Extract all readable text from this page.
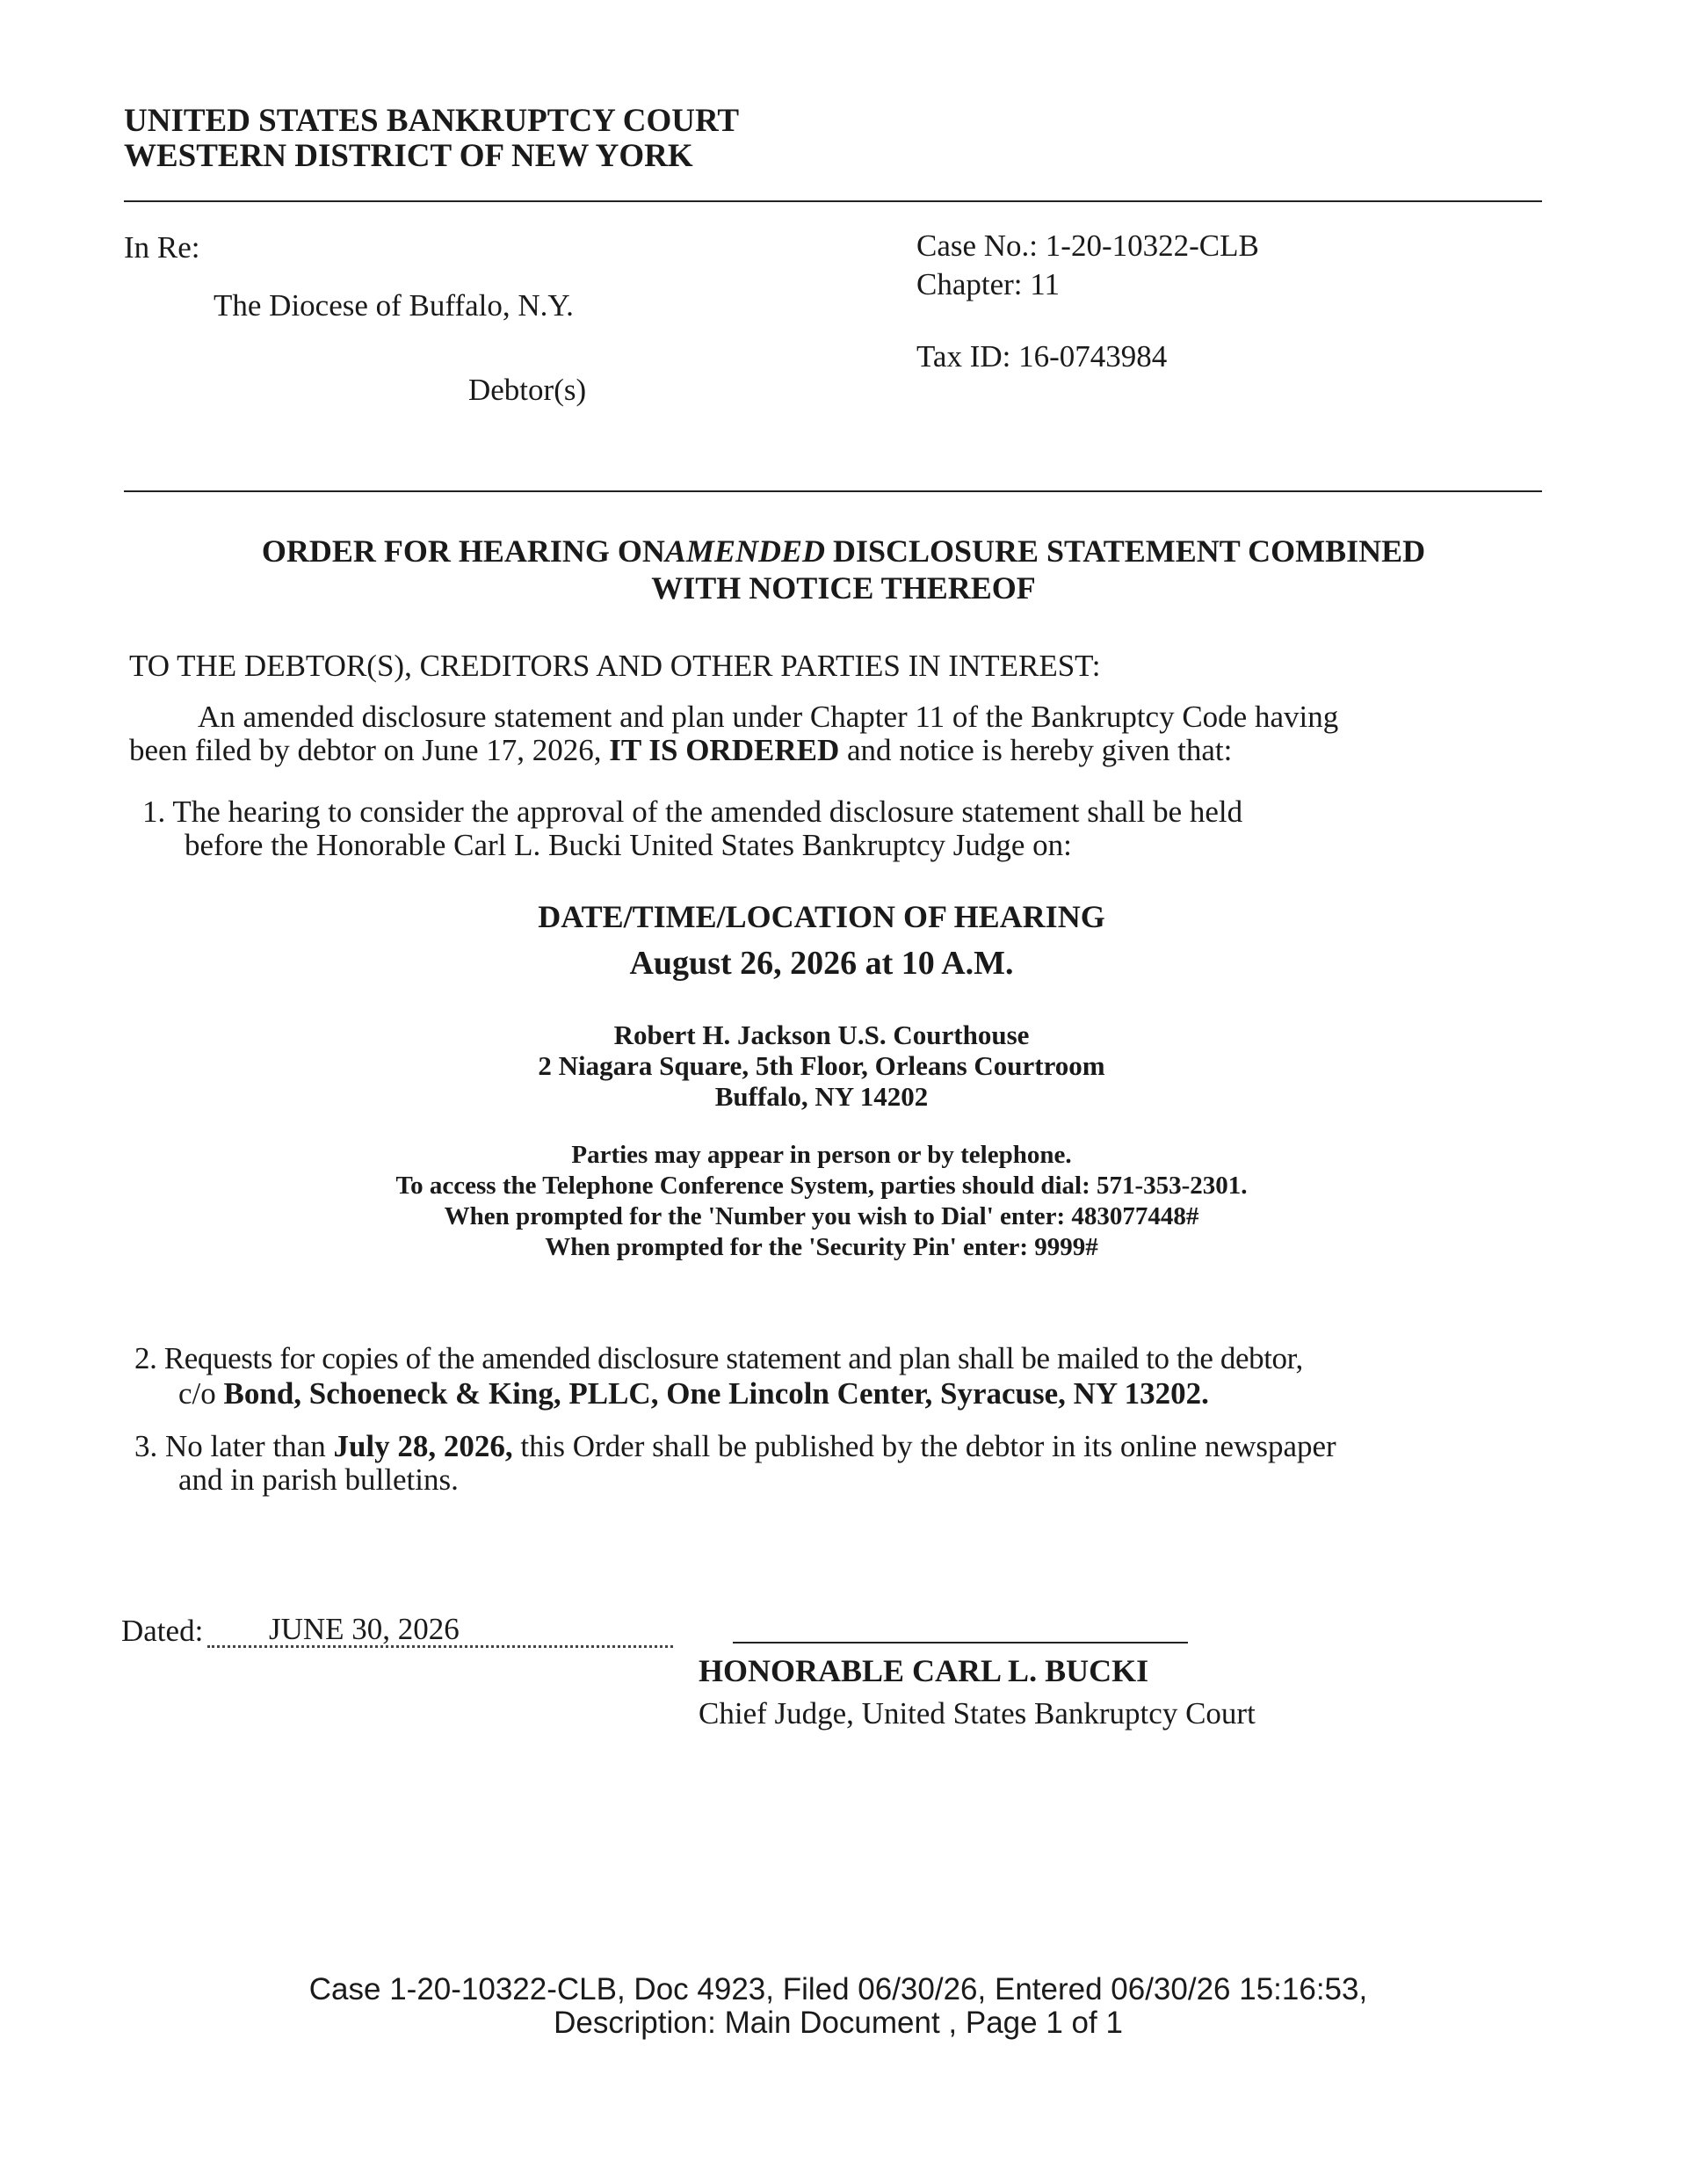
UNITED STATES BANKRUPTCY COURT
WESTERN DISTRICT OF NEW YORK
In Re:
The Diocese of Buffalo, N.Y.
Debtor(s)
Case No.: 1-20-10322-CLB
Chapter: 11
Tax ID: 16-0743984
ORDER FOR HEARING ONAMENDED DISCLOSURE STATEMENT COMBINED
WITH NOTICE THEREOF
TO THE DEBTOR(S), CREDITORS AND OTHER PARTIES IN INTEREST:
An amended disclosure statement and plan under Chapter 11 of the Bankruptcy Code having
been filed by debtor on June 17, 2026, IT IS ORDERED and notice is hereby given that:
1. The hearing to consider the approval of the amended disclosure statement shall be held
before the Honorable Carl L. Bucki United States Bankruptcy Judge on:
DATE/TIME/LOCATION OF HEARING
August 26, 2026 at 10 A.M.
Robert H. Jackson U.S. Courthouse
2 Niagara Square, 5th Floor, Orleans Courtroom
Buffalo, NY 14202
Parties may appear in person or by telephone.
To access the Telephone Conference System, parties should dial: 571-353-2301.
When prompted for the 'Number you wish to Dial' enter: 483077448#
When prompted for the 'Security Pin' enter: 9999#
2. Requests for copies of the amended disclosure statement and plan shall be mailed to the debtor,
c/o Bond, Schoeneck & King, PLLC, One Lincoln Center, Syracuse, NY 13202.
3. No later than July 28, 2026, this Order shall be published by the debtor in its online newspaper
and in parish bulletins.
Dated: JUNE 30, 2026
HONORABLE CARL L. BUCKI
Chief Judge, United States Bankruptcy Court
Case 1-20-10322-CLB, Doc 4923, Filed 06/30/26, Entered 06/30/26 15:16:53,
Description: Main Document , Page 1 of 1
